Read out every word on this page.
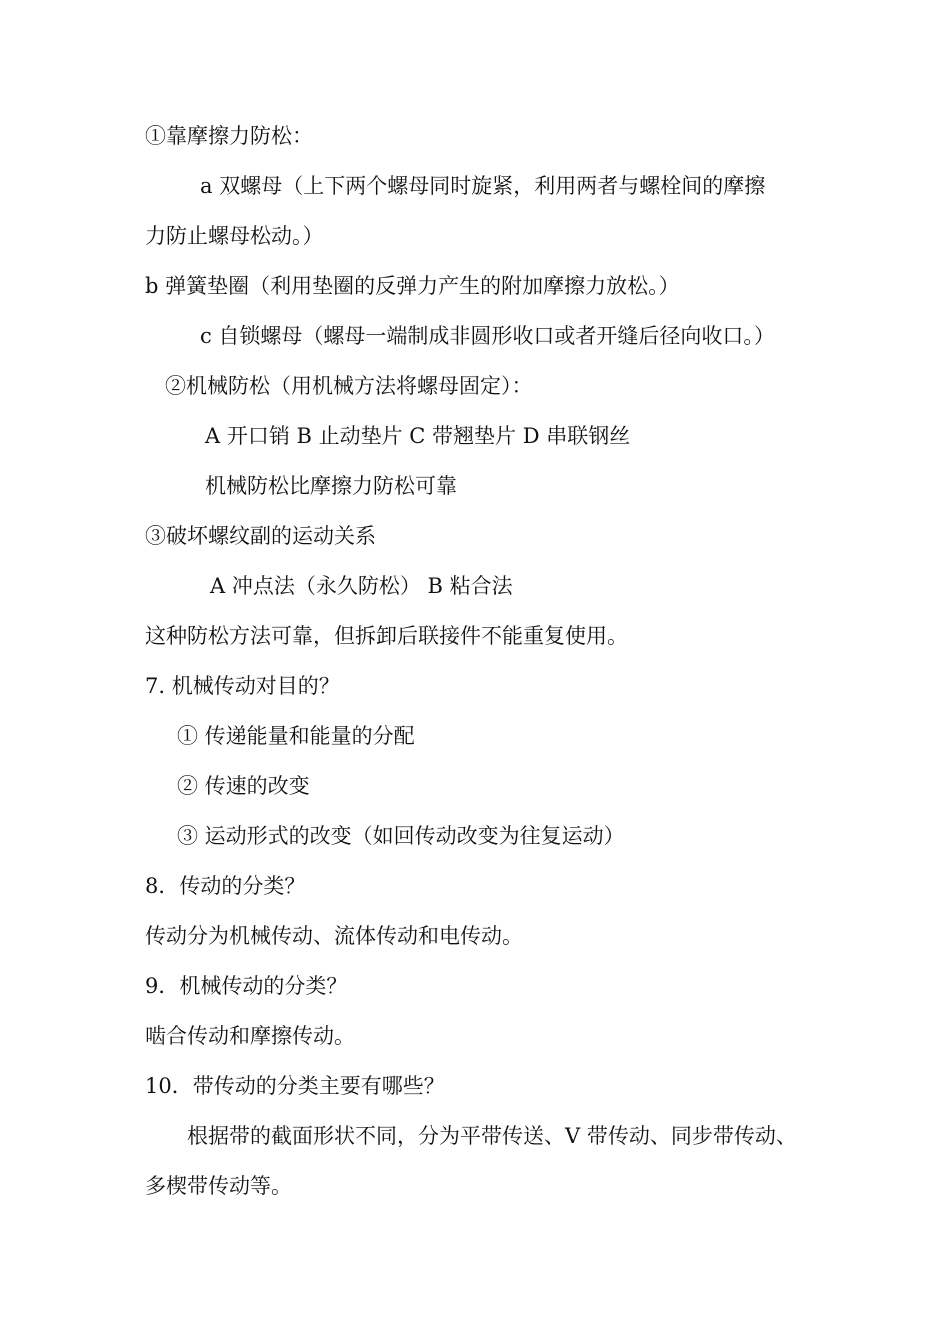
①靠摩擦力防松：
a 双螺母（上下两个螺母同时旋紧，利用两者与螺栓间的摩擦
力防止螺母松动。）
b 弹簧垫圈（利用垫圈的反弹力产生的附加摩擦力放松。）
c 自锁螺母（螺母一端制成非圆形收口或者开缝后径向收口。）
②机械防松（用机械方法将螺母固定）：
A 开口销 B 止动垫片 C 带翘垫片 D 串联钢丝
机械防松比摩擦力防松可靠
③破坏螺纹副的运动关系
A 冲点法（永久防松） B 粘合法
这种防松方法可靠，但拆卸后联接件不能重复使用。
7. 机械传动对目的？
① 传递能量和能量的分配
② 传速的改变
③ 运动形式的改变（如回传动改变为往复运动）
8．传动的分类？
传动分为机械传动、流体传动和电传动。
9．机械传动的分类？
啮合传动和摩擦传动。
10．带传动的分类主要有哪些？
根据带的截面形状不同，分为平带传送、V 带传动、同步带传动、
多楔带传动等。
